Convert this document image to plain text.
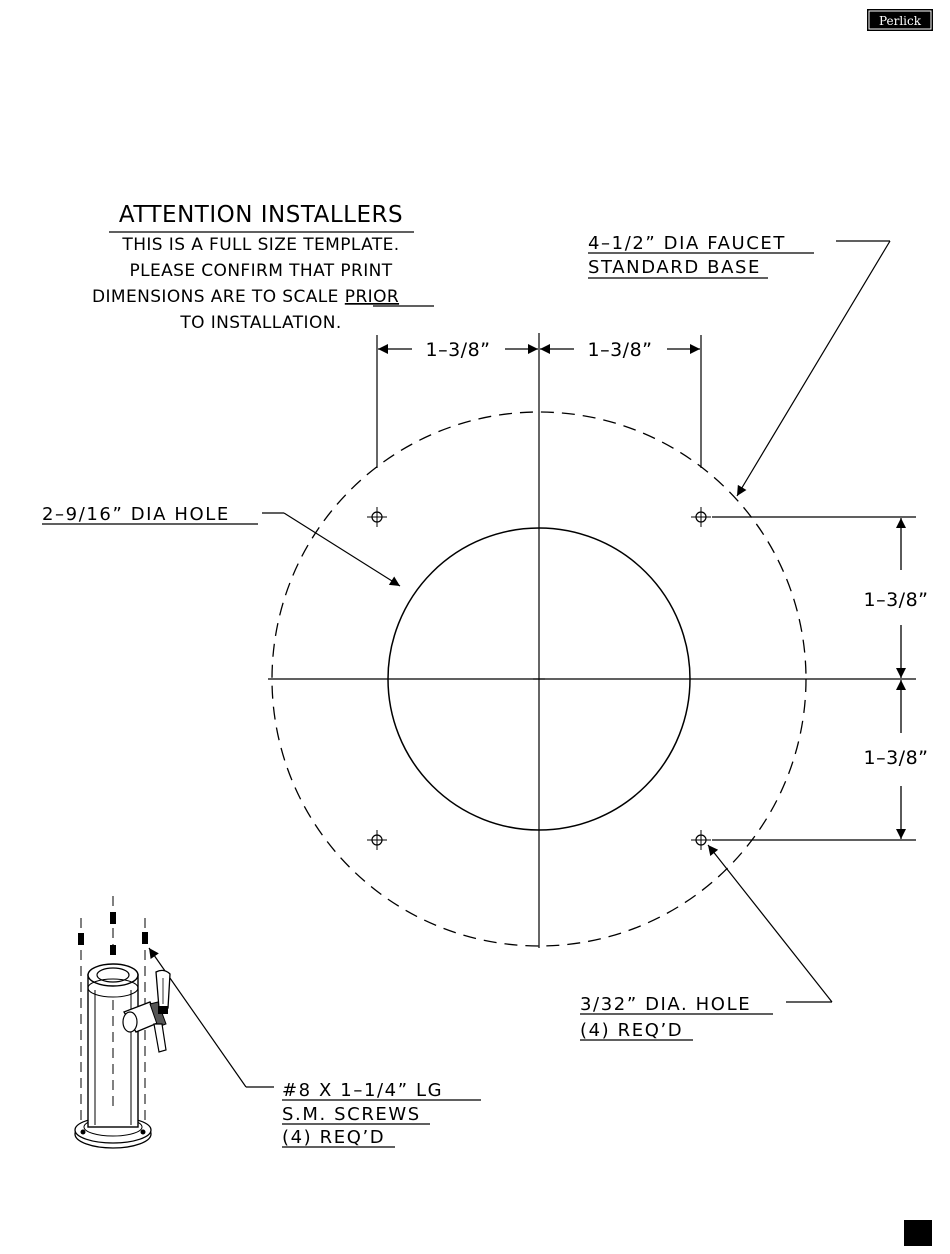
Perlick
ATTENTION INSTALLERS
THIS IS A FULL SIZE TEMPLATE.
PLEASE CONFIRM THAT PRINT
DIMENSIONS ARE TO SCALE PRIOR
TO INSTALLATION.
1–3/8”	1–3/8”
1–3/8”
1–3/8”
4–1/2” DIA FAUCET
STANDARD BASE
2–9/16” DIA HOLE
3/32” DIA. HOLE
(4) REQ’D
#8 X 1–1/4” LG
S.M. SCREWS
(4) REQ’D
